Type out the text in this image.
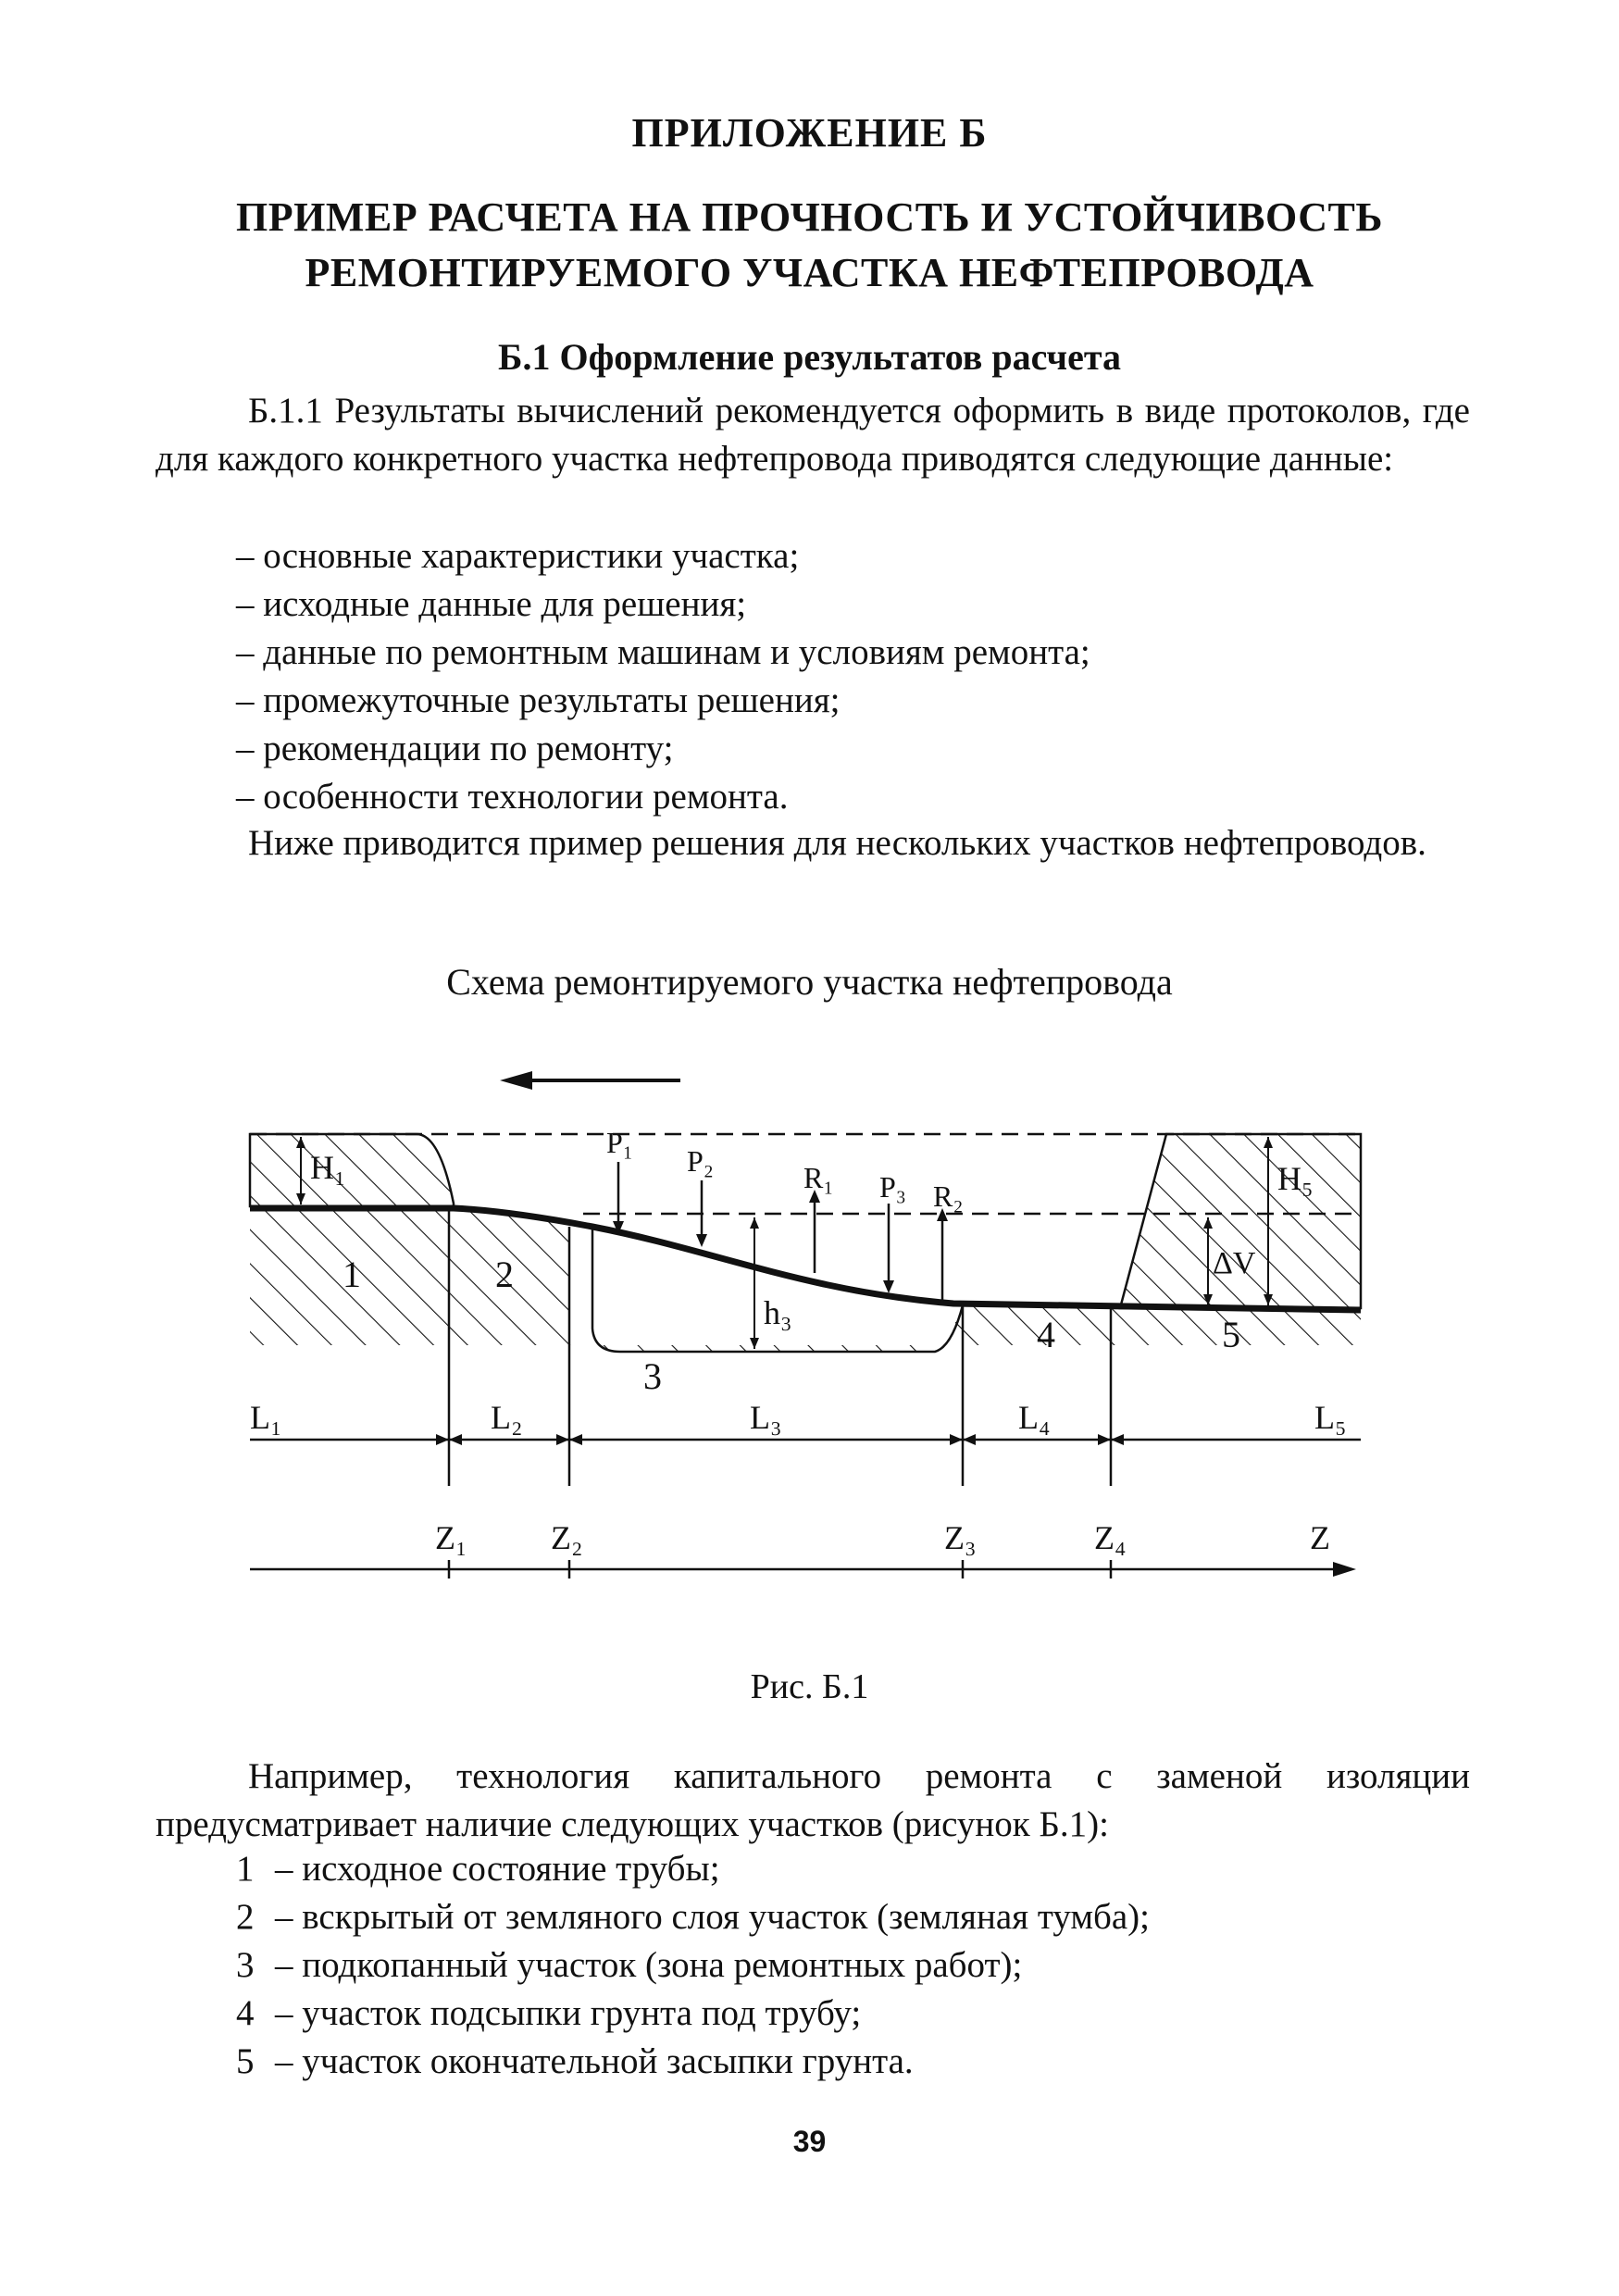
ПРИЛОЖЕНИЕ Б
ПРИМЕР РАСЧЕТА НА ПРОЧНОСТЬ И УСТОЙЧИВОСТЬ
РЕМОНТИРУЕМОГО УЧАСТКА НЕФТЕПРОВОДА
Б.1 Оформление результатов расчета
Б.1.1 Результаты вычислений рекомендуется оформить в виде протоколов, где для каждого конкретного участка нефтепровода приводятся следующие данные:
– основные характеристики участка;
– исходные данные для решения;
– данные по ремонтным машинам и условиям ремонта;
– промежуточные результаты решения;
– рекомендации по ремонту;
– особенности технологии ремонта.
Ниже приводится пример решения для нескольких участков нефтепроводов.
Схема ремонтируемого участка нефтепровода
H₁	H₅
ΔV
h₃
P₁
P₂
P₃
R₁
R₂
1	2
3
4	5
L₁	L₂	L₃	L₄	L₅
Z₁	Z₂	Z₃	Z₄	Z
Рис. Б.1
Например, технология капитального ремонта с заменой изоляции предусматривает наличие следующих участков (рисунок Б.1):
1 – исходное состояние трубы;
2 – вскрытый от земляного слоя участок (земляная тумба);
3 – подкопанный участок (зона ремонтных работ);
4 – участок подсыпки грунта под трубу;
5 – участок окончательной засыпки грунта.
39
